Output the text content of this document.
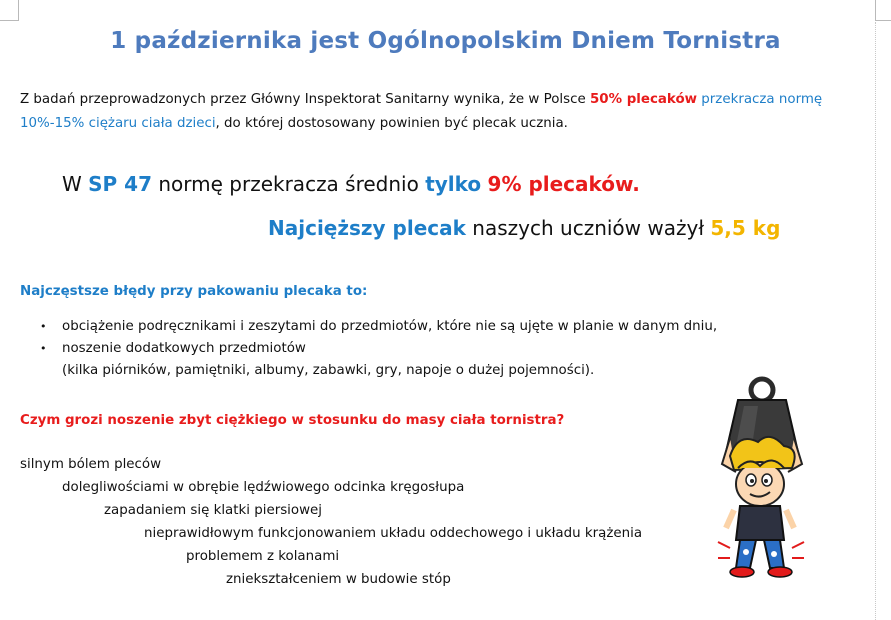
1 października jest Ogólnopolskim Dniem Tornistra
Z badań przeprowadzonych przez Główny Inspektorat Sanitarny wynika, że w Polsce 50% plecaków przekracza normę 10%-15% ciężaru ciała dzieci, do której dostosowany powinien być plecak ucznia.
W SP 47 normę przekracza średnio tylko 9% plecaków.
Najcięższy plecak naszych uczniów ważył 5,5 kg
Najczęstsze błędy przy pakowaniu plecaka to:
• obciążenie podręcznikami i zeszytami do przedmiotów, które nie są ujęte w planie w danym dniu,
• noszenie dodatkowych przedmiotów
(kilka piórników, pamiętniki, albumy, zabawki, gry, napoje o dużej pojemności).
Czym grozi noszenie zbyt ciężkiego w stosunku do masy ciała tornistra?
silnym bólem pleców
dolegliwościami w obrębie lędźwiowego odcinka kręgosłupa
zapadaniem się klatki piersiowej
nieprawidłowym funkcjonowaniem układu oddechowego i układu krążenia
problemem z kolanami
zniekształceniem w budowie stóp
